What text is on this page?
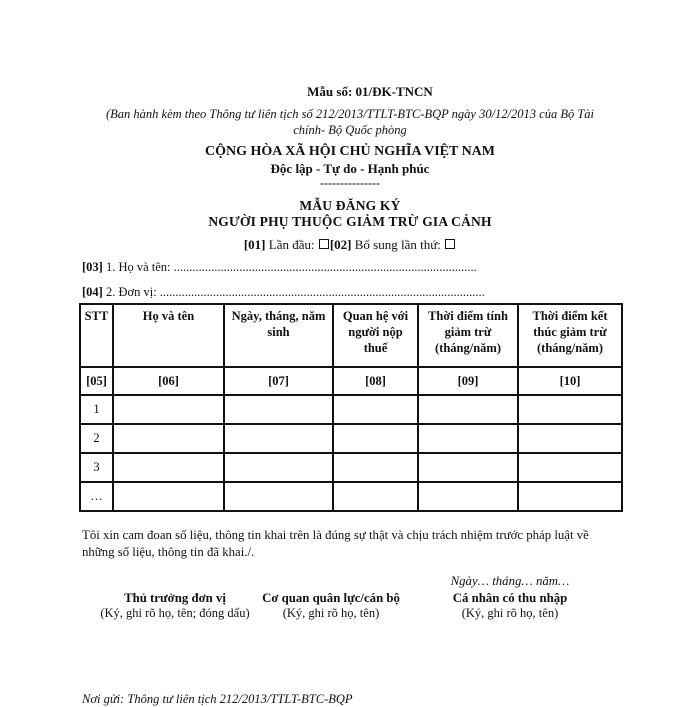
Mẫu số: 01/ĐK-TNCN
(Ban hành kèm theo Thông tư liên tịch số 212/2013/TTLT-BTC-BQP ngày 30/12/2013 của Bộ Tài chính- Bộ Quốc phòng
CỘNG HÒA XÃ HỘI CHỦ NGHĨA VIỆT NAM
Độc lập - Tự do - Hạnh phúc
---------------
MẪU ĐĂNG KÝ
NGƯỜI PHỤ THUỘC GIẢM TRỪ GIA CẢNH
[01] Lần đầu: [02] Bổ sung lần thứ:
[03] 1. Họ và tên: .................................................................................................
[04] 2. Đơn vị: ........................................................................................................
STT	Họ và tên	Ngày, tháng, năm sinh	Quan hệ với người nộp thuế	Thời điểm tính giảm trừ (tháng/năm)	Thời điểm kết thúc giảm trừ (tháng/năm)
[05]	[06]	[07]	[08]	[09]	[10]
1					
2					
3					
…					
Tôi xin cam đoan số liệu, thông tin khai trên là đúng sự thật và chịu trách nhiệm trước pháp luật về những số liệu, thông tin đã khai./.
Ngày… tháng… năm…
Thủ trưởng đơn vị
(Ký, ghi rõ họ, tên; đóng dấu)
Cơ quan quân lực/cán bộ
(Ký, ghi rõ họ, tên)
Cá nhân có thu nhập
(Ký, ghi rõ họ, tên)
Nơi gửi: Thông tư liên tịch 212/2013/TTLT-BTC-BQP
